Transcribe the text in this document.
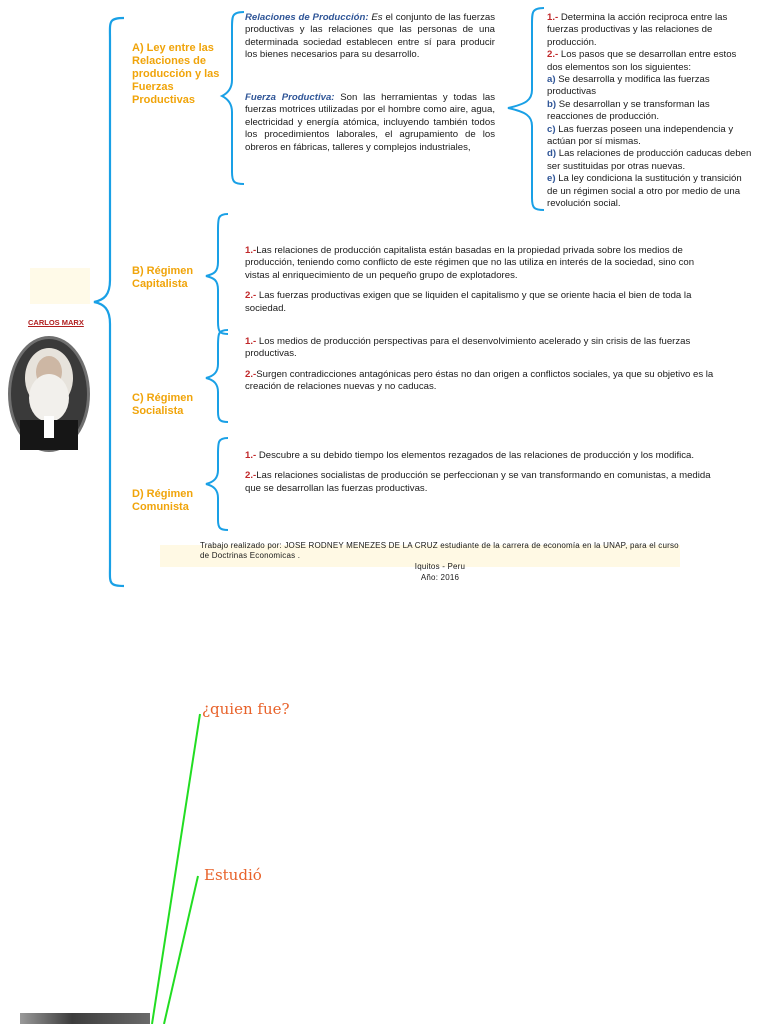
CARLOS MARX
A) Ley entre las Relaciones de producción y las Fuerzas Productivas
B) Régimen Capitalista
C) Régimen Socialista
D) Régimen Comunista
Relaciones de Producción: Es el conjunto de las fuerzas productivas y las relaciones que las personas de una determinada sociedad establecen entre sí para producir los bienes necesarios para su desarrollo.
Fuerza Productiva: Son las herramientas y todas las fuerzas motrices utilizadas por el hombre como aire, agua, electricidad y energía atómica, incluyendo también todos los procedimientos laborales, el agrupamiento de los obreros en fábricas, talleres y complejos industriales,
1.- Determina la acción reciproca entre las fuerzas productivas y las relaciones de producción.
2.- Los pasos que se desarrollan entre estos dos elementos son los siguientes:
a) Se desarrolla y modifica las fuerzas productivas
b) Se desarrollan y se transforman las reacciones de producción.
c) Las fuerzas poseen una independencia y actúan por sí mismas.
d) Las relaciones de producción caducas deben ser sustituidas por otras nuevas.
e) La ley condiciona la sustitución y transición de un régimen social a otro por medio de una revolución social.
1.-Las relaciones de producción capitalista están basadas en la propiedad privada sobre los medios de producción, teniendo como conflicto de este régimen que no las utiliza en interés de la sociedad, sino con vistas al enriquecimiento de un pequeño grupo de explotadores.
2.- Las fuerzas productivas exigen que se liquiden el capitalismo y que se oriente hacia el bien de toda la sociedad.
1.- Los medios de producción perspectivas para el desenvolvimiento acelerado y sin crisis de las fuerzas productivas.
2.-Surgen contradicciones antagónicas pero éstas no dan origen a conflictos sociales, ya que su objetivo es la creación de relaciones nuevas y no caducas.
1.- Descubre a su debido tiempo los elementos rezagados de las relaciones de producción y los modifica.
2.-Las relaciones socialistas de producción se perfeccionan y se van transformando en comunistas, a medida que se desarrollan las fuerzas productivas.
Trabajo realizado por: JOSE RODNEY MENEZES DE LA CRUZ estudiante de la carrera de economía en la UNAP, para el curso
de Doctrinas Economicas .
Iquitos - Peru
Año: 2016
¿quien fue?
Estudió
